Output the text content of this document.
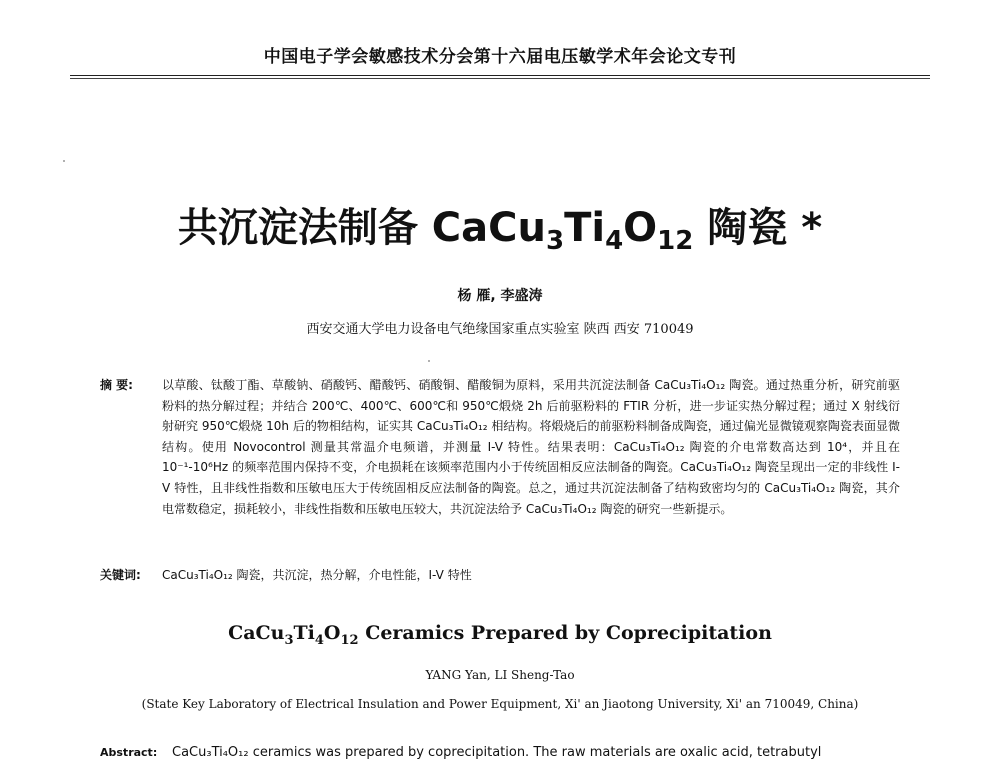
中国电子学会敏感技术分会第十六届电压敏学术年会论文专刊
共沉淀法制备 $CaCu_3Ti_4O_{12}$ 陶瓷 *
杨 雁, 李盛涛
西安交通大学电力设备电气绝缘国家重点实验室 陕西 西安 710049
摘 要: 以草酸、钛酸丁酯、草酸钠、硝酸钙、醋酸钙、硝酸铜、醋酸铜为原料，采用共沉淀法制备 CaCu₃Ti₄O₁₂ 陶瓷。通过热重分析，研究前驱粉料的热分解过程；并结合 200℃、400℃、600℃和 950℃煅烧 2h 后前驱粉料的 FTIR 分析，进一步证实热分解过程；通过 X 射线衍射研究 950℃煅烧 10h 后的物相结构，证实其 CaCu₃Ti₄O₁₂ 相结构。将煅烧后的前驱粉料制备成陶瓷，通过偏光显微镜观察陶瓷表面显微结构。使用 Novocontrol 测量其常温介电频谱，并测量 I-V 特性。结果表明：CaCu₃Ti₄O₁₂ 陶瓷的介电常数高达到 10⁴，并且在 10⁻¹-10⁶Hz 的频率范围内保持不变，介电损耗在该频率范围内小于传统固相反应法制备的陶瓷。CaCu₃Ti₄O₁₂ 陶瓷呈现出一定的非线性 I-V 特性，且非线性指数和压敏电压大于传统固相反应法制备的陶瓷。总之，通过共沉淀法制备了结构致密均匀的 CaCu₃Ti₄O₁₂ 陶瓷，其介电常数稳定，损耗较小，非线性指数和压敏电压较大，共沉淀法给予 CaCu₃Ti₄O₁₂ 陶瓷的研究一些新提示。
关键词: CaCu₃Ti₄O₁₂ 陶瓷，共沉淀，热分解，介电性能，I-V 特性
$CaCu_3Ti_4O_{12}$ Ceramics Prepared by Coprecipitation
YANG Yan, LI Sheng-Tao
(State Key Laboratory of Electrical Insulation and Power Equipment, Xi' an Jiaotong University, Xi' an 710049, China)
Abstract: CaCu₃Ti₄O₁₂ ceramics was prepared by coprecipitation. The raw materials are oxalic acid, tetrabutyl
